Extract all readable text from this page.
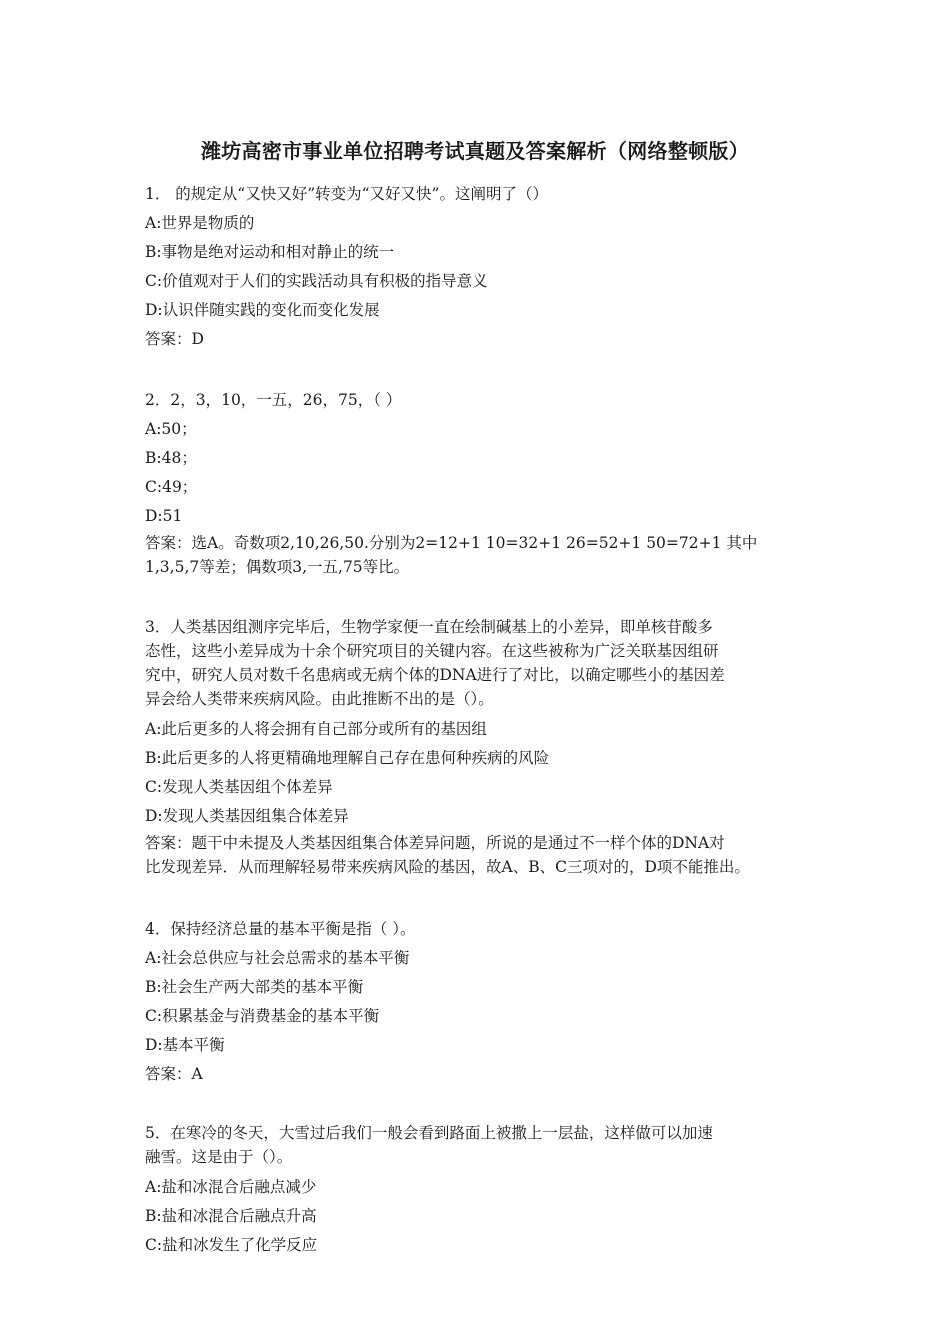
潍坊高密市事业单位招聘考试真题及答案解析（网络整顿版）
1． 的规定从“又快又好”转变为“又好又快”。这阐明了（）
A:世界是物质的
B:事物是绝对运动和相对静止的统一
C:价值观对于人们的实践活动具有积极的指导意义
D:认识伴随实践的变化而变化发展
答案：D
2．2，3，10，一五，26，75，（ ）
A:50；
B:48；
C:49；
D:51
答案：选A。奇数项2,10,26,50.分别为2=12+1 10=32+1 26=52+1 50=72+1 其中
1,3,5,7等差；偶数项3,一五,75等比。
3．人类基因组测序完毕后，生物学家便一直在绘制碱基上的小差异，即单核苷酸多
态性，这些小差异成为十余个研究项目的关键内容。在这些被称为广泛关联基因组研
究中，研究人员对数千名患病或无病个体的DNA进行了对比，以确定哪些小的基因差
异会给人类带来疾病风险。由此推断不出的是（）。
A:此后更多的人将会拥有自己部分或所有的基因组
B:此后更多的人将更精确地理解自己存在患何种疾病的风险
C:发现人类基因组个体差异
D:发现人类基因组集合体差异
答案：题干中未提及人类基因组集合体差异问题，所说的是通过不一样个体的DNA对
比发现差异．从而理解轻易带来疾病风险的基因，故A、B、C三项对的，D项不能推出。
4．保持经济总量的基本平衡是指（ ）。
A:社会总供应与社会总需求的基本平衡
B:社会生产两大部类的基本平衡
C:积累基金与消费基金的基本平衡
D:基本平衡
答案：A
5．在寒冷的冬天，大雪过后我们一般会看到路面上被撒上一层盐，这样做可以加速
融雪。这是由于（）。
A:盐和冰混合后融点减少
B:盐和冰混合后融点升高
C:盐和冰发生了化学反应
